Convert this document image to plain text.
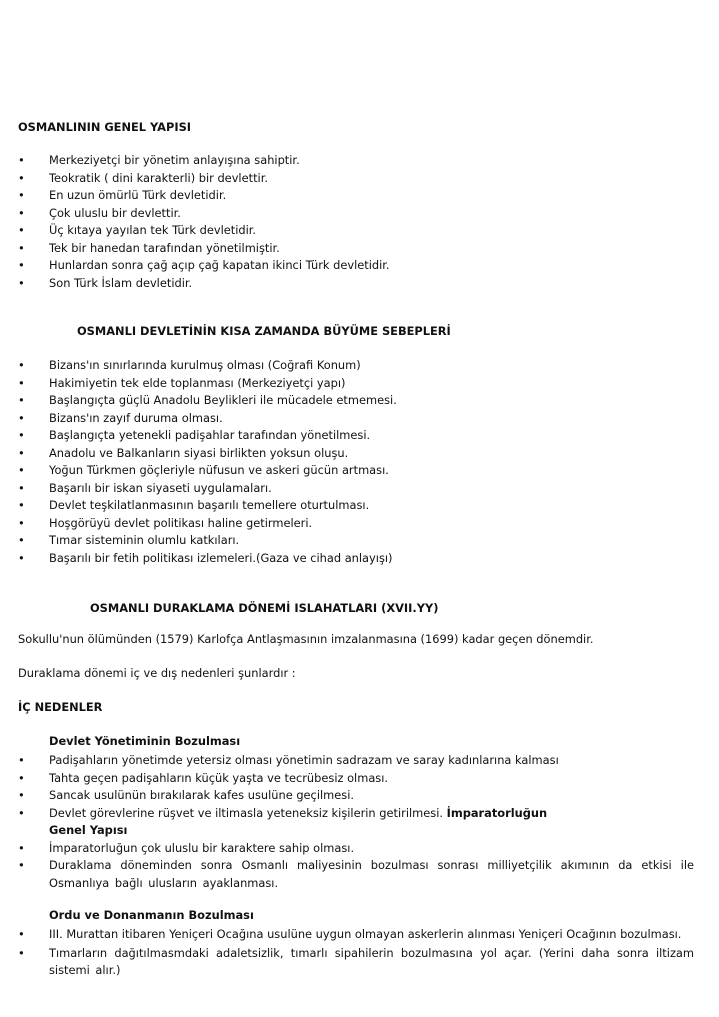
OSMANLININ GENEL YAPISI
• Merkeziyetçi bir yönetim anlayışına sahiptir.
• Teokratik ( dini karakterli) bir devlettir.
• En uzun ömürlü Türk devletidir.
• Çok uluslu bir devlettir.
• Üç kıtaya yayılan tek Türk devletidir.
• Tek bir hanedan tarafından yönetilmiştir.
• Hunlardan sonra çağ açıp çağ kapatan ikinci Türk devletidir.
• Son Türk İslam devletidir.
OSMANLI DEVLETİNİN KISA ZAMANDA BÜYÜME SEBEPLERİ
• Bizans'ın sınırlarında kurulmuş olması (Coğrafi Konum)
• Hakimiyetin tek elde toplanması (Merkeziyetçi yapı)
• Başlangıçta güçlü Anadolu Beylikleri ile mücadele etmemesi.
• Bizans'ın zayıf duruma olması.
• Başlangıçta yetenekli padişahlar tarafından yönetilmesi.
• Anadolu ve Balkanların siyasi birlikten yoksun oluşu.
• Yoğun Türkmen göçleriyle nüfusun ve askeri gücün artması.
• Başarılı bir iskan siyaseti uygulamaları.
• Devlet teşkilatlanmasının başarılı temellere oturtulması.
• Hoşgörüyü devlet politikası haline getirmeleri.
• Tımar sisteminin olumlu katkıları.
• Başarılı bir fetih politikası izlemeleri.(Gaza ve cihad anlayışı)
OSMANLI DURAKLAMA DÖNEMİ ISLAHATLARI (XVII.YY)
Sokullu'nun ölümünden (1579) Karlofça Antlaşmasının imzalanmasına (1699) kadar geçen dönemdir.
Duraklama dönemi iç ve dış nedenleri şunlardır :
İÇ NEDENLER
Devlet Yönetiminin Bozulması
• Padişahların yönetimde yetersiz olması yönetimin sadrazam ve saray kadınlarına kalması
• Tahta geçen padişahların küçük yaşta ve tecrübesiz olması.
• Sancak usulünün bırakılarak kafes usulüne geçilmesi.
• Devlet görevlerine rüşvet ve iltimasla yeteneksiz kişilerin getirilmesi. İmparatorluğun
Genel Yapısı
• İmparatorluğun çok uluslu bir karaktere sahip olması.
• Duraklama döneminden sonra Osmanlı maliyesinin bozulması sonrası milliyetçilik akımının da etkisi ile Osmanlıya bağlı ulusların ayaklanması.
Ordu ve Donanmanın Bozulması
• III. Murattan itibaren Yeniçeri Ocağına usulüne uygun olmayan askerlerin alınması Yeniçeri Ocağının bozulması.
• Tımarların dağıtılmasmdaki adaletsizlik, tımarlı sipahilerin bozulmasına yol açar. (Yerini daha sonra iltizam sistemi alır.)
